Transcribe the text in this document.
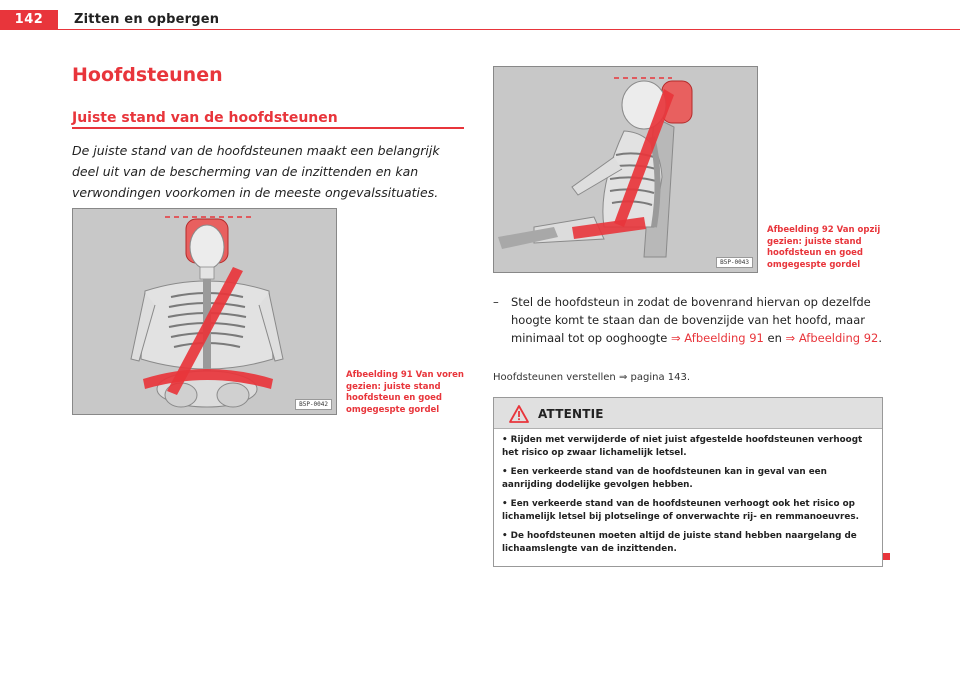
142	Zitten en opbergen
Hoofdsteunen
Juiste stand van de hoofdsteunen
De juiste stand van de hoofdsteunen maakt een belangrijk deel uit van de bescherming van de inzittenden en kan verwondingen voorkomen in de meeste ongevalssituaties.
B5P-0042
Afbeelding 91 Van voren gezien: juiste stand hoofdsteun en goed omgegespte gordel
B5P-0043
Afbeelding 92 Van opzij gezien: juiste stand hoofdsteun en goed omgegespte gordel
–	Stel de hoofdsteun in zodat de bovenrand hiervan op dezelfde hoogte komt te staan dan de bovenzijde van het hoofd, maar minimaal tot op ooghoogte ⇒ Afbeelding 91 en ⇒ Afbeelding 92.
Hoofdsteunen verstellen ⇒ pagina 143.
ATTENTIE

• Rijden met verwijderde of niet juist afgestelde hoofdsteunen verhoogt het risico op zwaar lichamelijk letsel.

• Een verkeerde stand van de hoofdsteunen kan in geval van een aanrijding dodelijke gevolgen hebben.

• Een verkeerde stand van de hoofdsteunen verhoogt ook het risico op lichamelijk letsel bij plotselinge of onverwachte rij- en remmanoeuvres.

• De hoofdsteunen moeten altijd de juiste stand hebben naargelang de lichaamslengte van de inzittenden.
